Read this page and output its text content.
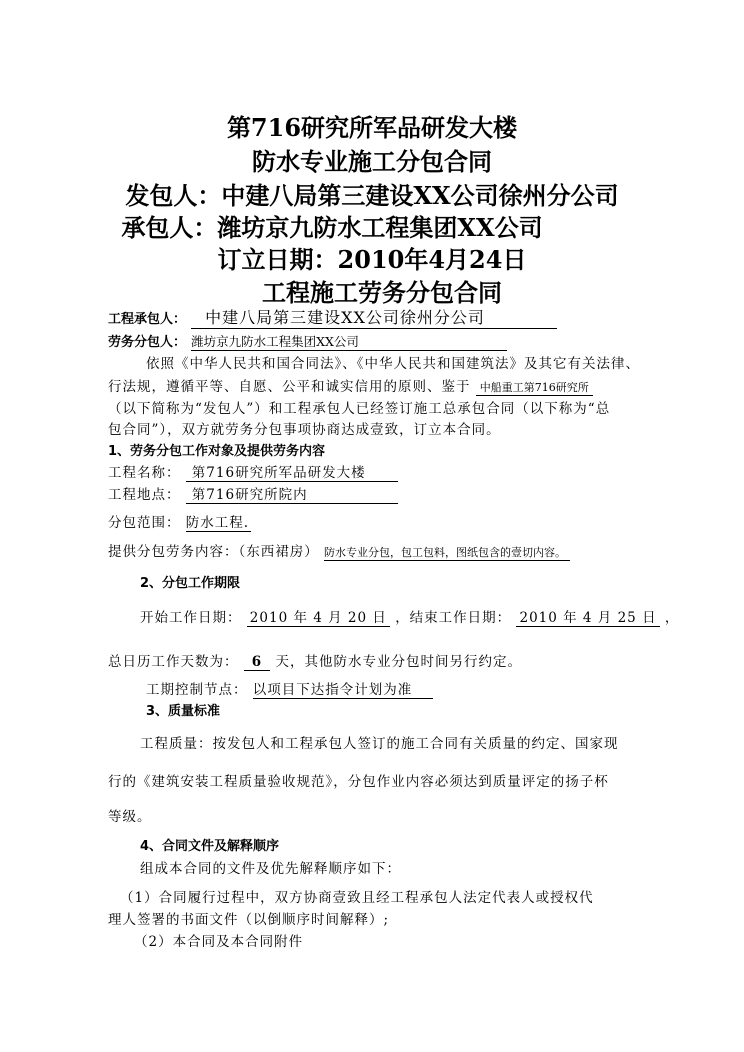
第716研究所军品研发大楼
防水专业施工分包合同
发包人：中建八局第三建设XX公司徐州分公司
承包人：潍坊京九防水工程集团XX公司
订立日期：2010年4月24日
工程施工劳务分包合同
工程承包人： 中建八局第三建设XX公司徐州分公司
劳务分包人： 潍坊京九防水工程集团XX公司
依照《中华人民共和国合同法》、《中华人民共和国建筑法》及其它有关法律、
行法规，遵循平等、自愿、公平和诚实信用的原则、鉴于 中船重工第716研究所
（以下简称为“发包人”）和工程承包人已经签订施工总承包合同（以下称为“总
包合同”），双方就劳务分包事项协商达成壹致，订立本合同。
1、劳务分包工作对象及提供劳务内容
工程名称： 第716研究所军品研发大楼
工程地点： 第716研究所院内
分包范围： 防水工程.
提供分包劳务内容：（东西裙房） 防水专业分包，包工包料，图纸包含的壹切内容。
2、分包工作期限
开始工作日期： 2010 年 4 月 20 日 ，结束工作日期： 2010 年 4 月 25 日 ，
总日历工作天数为： 6 天，其他防水专业分包时间另行约定。
工期控制节点： 以项目下达指令计划为准
3、质量标准
工程质量：按发包人和工程承包人签订的施工合同有关质量的约定、国家现
行的《建筑安装工程质量验收规范》，分包作业内容必须达到质量评定的扬子杯
等级。
4、合同文件及解释顺序
组成本合同的文件及优先解释顺序如下：
（1）合同履行过程中，双方协商壹致且经工程承包人法定代表人或授权代
理人签署的书面文件（以倒顺序时间解释）;
（2）本合同及本合同附件
